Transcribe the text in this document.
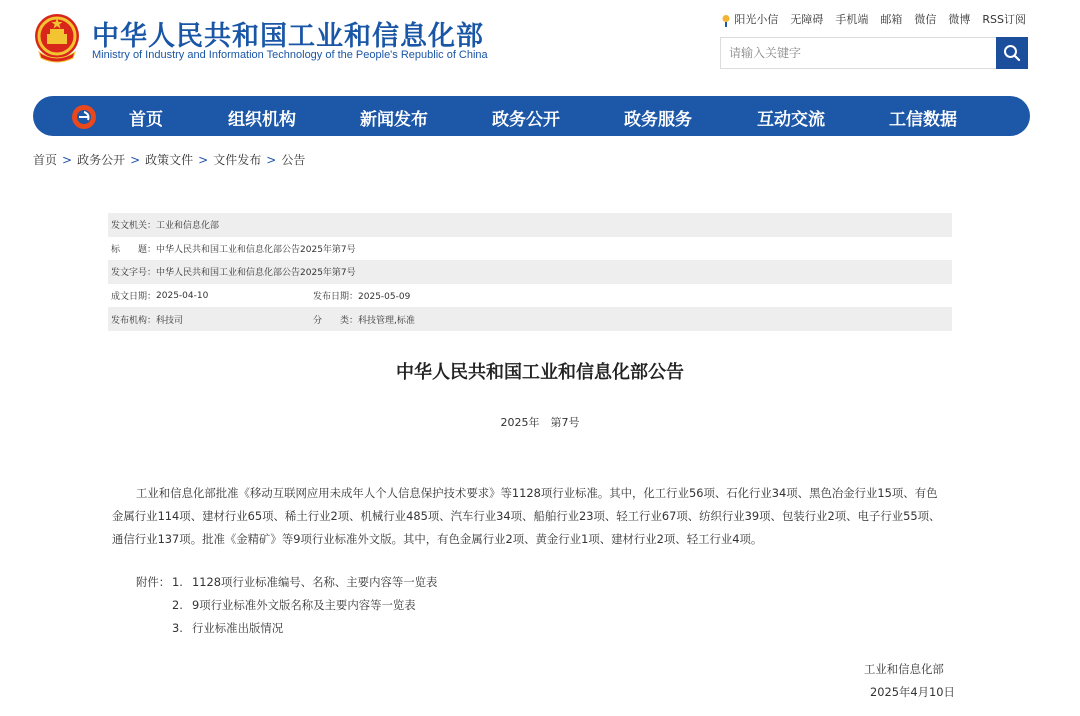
中华人民共和国工业和信息化部
Ministry of Industry and Information Technology of the People's Republic of China
阳光小信 无障碍 手机端 邮箱 微信 微博 RSS订阅
请输入关键字
首页	组织机构	新闻发布	政务公开	政务服务	互动交流	工信数据
首页 > 政务公开 > 政策文件 > 文件发布 > 公告
发文机关： 工业和信息化部
标　　题： 中华人民共和国工业和信息化部公告2025年第7号
发文字号： 中华人民共和国工业和信息化部公告2025年第7号
成文日期： 2025-04-10	发布日期：2025-05-09
发布机构： 科技司	分　　类：科技管理,标准
中华人民共和国工业和信息化部公告
2025年　第7号

工业和信息化部批准《移动互联网应用未成年人个人信息保护技术要求》等1128项行业标准。其中，化工行业56项、石化行业34项、黑色冶金行业15项、有色金属行业114项、建材行业65项、稀土行业2项、机械行业485项、汽车行业34项、船舶行业23项、轻工行业67项、纺织行业39项、包装行业2项、电子行业55项、通信行业137项。批准《金精矿》等9项行业标准外文版。其中，有色金属行业2项、黄金行业1项、建材行业2项、轻工行业4项。

附件： 1. 1128项行业标准编号、名称、主要内容等一览表
2. 9项行业标准外文版名称及主要内容等一览表
3. 行业标准出版情况
工业和信息化部
2025年4月10日
